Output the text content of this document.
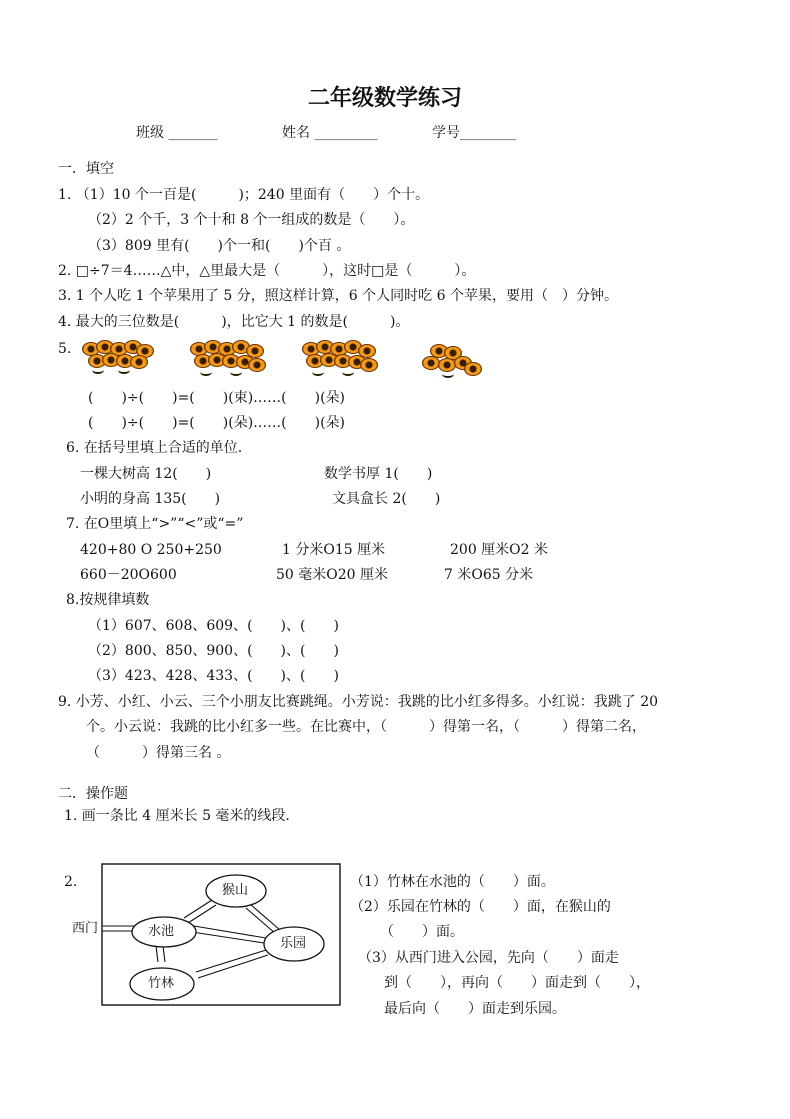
二年级数学练习
班级 _______	姓名 _________	学号________
一．填空
1. （1）10 个一百是(　　　)；240 里面有（　　）个十。
（2）2 个千，3 个十和 8 个一组成的数是（　　）。
（3）809 里有(　　)个一和(　　)个百 。
2. □÷7＝4……△中，△里最大是（　　　），这时□是（　　　）。
3. 1 个人吃 1 个苹果用了 5 分，照这样计算，6 个人同时吃 6 个苹果，要用（　）分钟。
4. 最大的三位数是(　　　)，比它大 1 的数是(　　　)。
5.
(　　)÷(　　)=(　　)(束)……(　　)(朵)
(　　)÷(　　)=(　　)(朵)……(　　)(朵)
6. 在括号里填上合适的单位.
一棵大树高 12(　　)	数学书厚 1(　　)
小明的身高 135(　　)	文具盒长 2(　　)
7. 在O里填上“>”“<”或“=”
420+80 O 250+250	1 分米O15 厘米	200 厘米O2 米
660－20O600	50 毫米O20 厘米	7 米O65 分米
8.按规律填数
（1）607、608、609、(　　)、(　　)
（2）800、850、900、(　　)、(　　)
（3）423、428、433、(　　)、(　　)
9. 小芳、小红、小云、三个小朋友比赛跳绳。小芳说：我跳的比小红多得多。小红说：我跳了 20
个。小云说：我跳的比小红多一些。在比赛中，（　　　）得第一名，（　　　）得第二名，
（　　　）得第三名 。
二．操作题
1. 画一条比 4 厘米长 5 毫米的线段.
2.
西门
猴山
水池
乐园
竹林
（1）竹林在水池的（　　）面。
（2）乐园在竹林的（　　）面，在猴山的
（　　）面。
（3）从西门进入公园，先向（　　）面走
到（　　），再向（　　）面走到（　　），
最后向（　　）面走到乐园。
